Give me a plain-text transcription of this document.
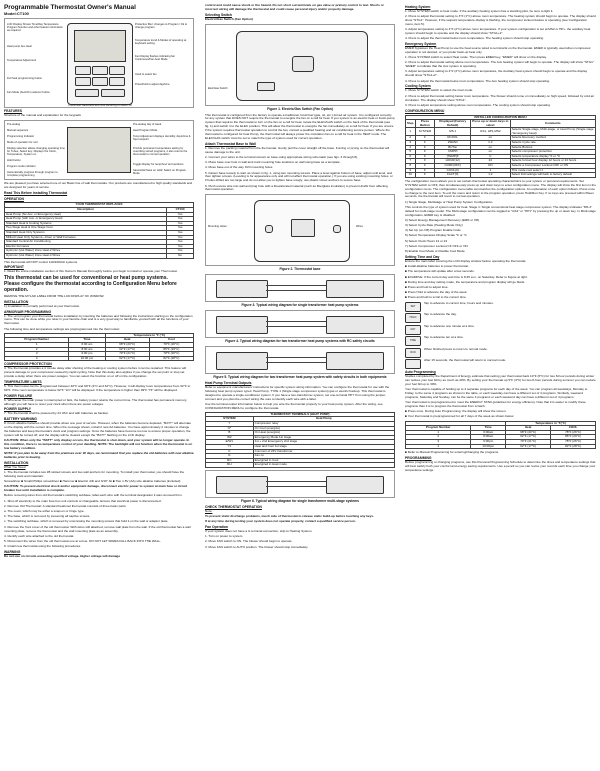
Programmable Thermostat Owner's Manual
Model:CT100
LCD Display Shows Time/Day Temperature Program Number and other feature information as required
Heat pump Aux Heat
Temperature Adjustment
Full heat programming button
Fan Mode (Auto/On) selector button
Protective filter: changes to Program / Ok to change program
Temperature trend & Modes of operating at keyboard setting
Fan Display flashes indicating fan Continuous/Fan Auto Mode
Used to select fan
Press/hold to adjust day/time
Press/hold Save/Hold and hold wintering to switch off
FEATURES

Structure of the manual and explanation for the keypads

Pre-analog
Manual sequence
Programming Indicator
Mode of operation for unit
Display selection allows changing operating time for Tubes; Select key: Displays the Clock, Temperature, System on
Hold button
Program mode indicator
Automatically progress through program to complete programming
Pre-analog day of week
Heat Program Mode
Temp Adjustment displays Humidity, days/time & Spot setpoint
Provide permanent temperature setting by overriding stored programs, it also returns the thermostat to normal operation
Toggle Display for temp/hour and up/down
Save/Hold Save on Hold; Select on Program Mode

We are pleased you have selected one of our Basic line of wall thermostats. Our products are manufactured to high quality standards and are designed for years of service.

Read This Before Installing Thermostat
OPERATION
YOUR THERMOSTAT REPLACES	
Description	CT100
Heat Pump (No Aux. or Emergency Heat)	Yes
Heat Pump (with Aux. or Emergency Heat)	Yes
Standard Heat & Cooling Systems	Yes
Two Stage Heat & One Stage Cool	Yes
Standard Heat Only Systems	Yes
Millivolt Heat Only Systems—Floor or Wall Furnaces	Yes
Standard Central Air Conditioning	Yes
Electric Furnaces	Yes
Hydronic (Hot Water) Zone Heat-2 Wires	Yes
Hydronic (Hot Water) Zone Heat-4 Wires	No

This thermostat will NOT control 110/220Volt systems.

IMPORTANT

1. Read the entire installation section of this Owner's Manual thoroughly before you begin to install or operate your Thermostat.

This thermostat can be used for conventional or heat pump systems.

Please configure the thermostat according to Configuration Menu before operation.

REMOVE THE MYLAR LABEL FROM THE LCD DISPLAY OF WINDOW.

INSTALLATION

1) Installation is normally performed at your thermostat.

ARMOR/AIR PROGRAMMING

1. The unit program your thermostat before installation by inserting the batteries and following the instructions starting on the configuration menu. This can be done while you relax in your favorite chair and is a very good way to familiarize yourself with all the functions of your thermostat.

The following time and temperature settings are preprogrammed into the thermostat:

		Temperature in °F (°C)	
Program Number	Time	Heat	Cool
1	6:00 am	68°F (20°C)	78°F (26°C)
2	8:00 am	62°F (17°C)	85°F (29°C)
3	6:00 pm	70°F (21°C)	78°F (26°C)
4	10:00 pm	62°F (17°C)	82°F (28°C)
COMPRESSOR PROTECTION

4. The thermostat provides a 4 minute delay after shutting of the heating or cooling system before it can be restarted. This feature will prevent damage to your compressor caused by rapid cycling. Note that this delay also applies if you change the set point or stop set provide a delay when there are power outages. You can select the function on or off on the configuration.

TEMPERATURE LIMITS

5. This thermostat can be programmed between 40°F and 90°F (4°C and 32°C). However, it will display room temperatures from 32°F to 99°F. If the room temperature is below 32°F "LO" will be displayed. If the temperature is higher than 99°F "HI" will be displayed.

POWER FAILURE

6. Whenever the main power is interrupted or fails, the battery power retains the current time. The thermostat has permanent memory, although you will have to reset your clock when there are power outages.

POWER SUPPLY

7. The thermostat shall be powered by 24 VAC and with batteries as backup.

BATTERY WARNING

8. Fresh alkaline batteries should provide about one year of service. However, when the batteries become depleted, "BATT" will alternate on the display with the current time. When the message shows, install 2 new AA batteries. You have approximately 2 minutes to change the batteries and keep thermostat's clock and program settings. Once the batteries have become too low to ensure proper operation, the system will be turned off, and the display will be cleared except the "BATT" flashing on the LCD display.

CAUTION: When only the "BATT" only display occurs, the thermostat is shut down, and your system will no longer operate. In this condition, there is no temperature control of your dwelling. NOTE: The backlight will not function when the thermostat is on low battery condition.

NOTE: If you plan to be away from the premises over 30 days, we recommend that you replace the old batteries with new alkaline batteries prior to leaving.

INSTALLATION

What You Need

1. The thermostat includes two #8 slotted screws and two wall anchors for mounting. To install your thermostat, you should have the following tools and materials:

Screwdriver ■ Small Phillips screwdriver ■ Hammer ■ Electric drill and 3/16" bit ■ Two 1.5V (AA) size alkaline batteries (included)

CAUTION: To prevent electrical shock and/or equipment damage, disconnect electric power to system at main fuse or circuit breaker box until installation is complete.

Before removing wires from old thermostat's switching subbase, label each wire with the terminal designation it was removed from.

1. Shut off electricity to the main fuse box unit controls or changeable. Ensure that electrical power is disconnected.

2. Remove Old Thermostat: A standard heat/cool thermostat consists of three basic parts:

a. The cover, which may be either a snap-on or hinge type.

b. The base, which is removed by loosening all captive screws.

c. The switching subbase, which is removed by unscrewing the mounting screws that hold it on the wall or adaptor plate.

3. Remove the front cover of the old thermostat. With wires still attached, remove wall plate from the wall. If the old thermostat has a wall mounting plate, remove the thermostat and the wall mounting plate as an assembly.

4. Identify each wire attached to the old thermostat.

5. Disconnect the wires from the old thermostat one at a time. DO NOT LET WIRES FALL BACK INTO THE WALL.

6. Install new thermostat using the following procedures.

WARNING

Do not use on circuits exceeding specified voltage. Higher voltage will damage

control and could cause shock or fire hazard. Do not short out terminals on gas valve or primary control to test. Shorts or incorrect wiring will damage the thermostat and could cause personal injury and/or property damage.

Selecting Switch

Electric/Gas Switch (Fan Option)

Elec/Gas Switch
Figure 1. Electric/Gas Switch (Fan Option)

This thermostat is configured from the factory to operate a traditional, fossil fuel (gas, oil, etc.) forced air system. It is configured correctly for any system that DOES NOT require the thermostat to energize the fan on a call for heat. If you system is an electric heat or fossil-pump system that requires the thermostat to turn on the fan on a call for heat, locate the ELEC/GAS switch on the back of the thermostat (see fig. 1) and switch it to the ELEC position. This will allow the thermostat to energize the fan immediately on a call for heat. If you are unsure if the system requires thermostat operation to control the fan, contact a qualified heating and air conditioning service person. Where the thermostat is configured for heat Pump, the thermostat will always power the circulation fan on a call for heat in the HEAT mode. The ELEC/GAS switch must be set to match the type of system used for correct operation.

Attach Thermostat Base to Wall

1. Remove the packing material from the thermostat. Gently pull the cover straight off the base. Forcing or prying on the thermostat will cause damage to the unit.

2. Connect your wires to the terminal screws on base using appropriate wiring schematic (see figs. 3 through 8).

3. Place base over hole in wall and mark mounting hole locations on wall using base as a template.

4. Move base out of the way. Drill mounting holes.

5. Fasten base loosely to wall, as shown in fig. 1, using two mounting screws. Place a level against bottom of base, adjust until level, and then tighten screws. (Leveling is for appearance only and will not affect thermostat operation.) If you are using existing mounting holes, or if holes drilled are too large and do not allow you to tighten base snugly, use plastic screw anchors to secure base.

6. Push excess wire into wall and plug hole with a firewall-rated material (such as fiberglass insulation) to prevent drafts from affecting thermostat operation.

Mounting Holes	Wires
Figure 2. Thermostat base
Figure 3. Typical wiring diagram for single transformer heat pump systems
Figure 4. Typical wiring diagram for two transformer heat pump systems with RC safety circuits
Figure 5. Typical wiring diagram for two transformer heat pump system with safety circuits in both equipments
Heat Pump Terminal Outputs

Refer to equipment manufacturers' instructions for specific system wiring information. You can configure the thermostat for use with the following heat pump system types: Heat Pump, TYPE 1 (Single stage compressor system) gas or electric backup. This thermostat is designed to operate a single-conditioner system. If you have a two-transformer system, set one-terminal HPY from using the jumper, connect and you plan the correct wiring. Be sure to identify each wire with a label.

Use the terminal output information below to help you wire the thermostat properly to your heat pump system. After the wiring, see CONFIGURATION MENU to configure the thermostat.

THERMOSTAT TERMINALS (HEAT PUMP)	
SYSTEM	Heat Pump
Y	Compressor relay
O*	On Cool (energize)
B	On Heat (energize)
W2	Emergency Mode 1st stage
E/W1	1st + 2nd Emergency 2nd stage
Y1	Heat and Cool 1st stage
C	Common of 24V transformer
G	Fan on
RC	Energized in Cool
RH	Energized in Heat mode
Figure 6. Typical wiring diagram for single transformer multi-stage systems
CHECK THERMOSTAT OPERATION

Note:

To prevent static discharge problems, touch side of thermostat to release static build-up before touching any keys.

If at any time during testing your system does not operate properly, contact a qualified service person.

Fan Operation

If your system does not have a G terminal connection, skip to Heating System.

1. Turn on power to system.

2. Move FAN switch to ON. The blower should begin to operate.

3. Move FAN switch to AUTO position. The blower should stop immediately.

Heating System

1. Move SYSTEM switch to heat mode. If the auxiliary heating system has a standing pilot, be sure to light it.

2. Press to adjust thermostat setting to 3°F (1°C) above room temperature. The heating system should begin to operate. The display should show "STG1". However, if the setpoint temperature display is flashing, the compressor lockout feature is operating (see Configuration menu, item 5).

3. Adjust temperature setting to 4°F (2°C) above room temperature. If your system configuration is set at MS2 or HP+, the auxiliary heat system should begin to operate and the display should show "STG1+2".

4. Press to adjust the thermostat below room temperature. The heating system should stop operating.

Emergency System

EMER bypasses the Heat Pump to use the heat source wired to terminal E on the thermostat. EMER is typically used when compressor operation is not desired, or you prefer back-up heat only.

1. Press SYSTEM switch to select Heat mode. Then press EMER key, "EMER" will show on the display.

2. Press to adjust thermostat setting above room temperature. The Aux heating system will begin to operate. The display will show "STG1" "EMER" to indicate that the Aux system is operating.

3. Adjust temperature setting to 4°F (2°C) above room temperature, the Auxiliary heat system should begin to operate and the display should show "STG1+2".

4. Press to adjust the thermostat below room temperature. The Aux heating system should stop operating.

Cooling System

1. Move SYSTEM switch to select the Cool mode.

2. Press to adjust thermostat setting below room temperature. The blower should come on immediately on high speed, followed by cold air circulation. The display should show "STG1".

3. Press to adjust temperature setting above room temperature. The cooling system should stop operating.

CONFIGURATION MENU
INSTALLER CONFIGURATION MENU				
Step	Press Button	Displayed (Factory Default)	Press up or down keys to select	Comments
1	SYSTEM	MS 1	GS1, HP1,MS2	Selects Single stage, Multi-stage, or Heat Pump (Single stage / Emergency Heat)
2	F	RCOOL	on	Selects Recovery method
3	F	2SRAD	1-3	Selects Cycle rate
4	F	BUTon	on	Selects Buttons
5	F	CMPPt	on	Selects compressor protection
6	F	[TEMP]F	C	Selects temperature display °F or °C
7	F	HOUR(12)	24	Selects format hour display 12 hours or 24 hours
8	F	CORF(OFF)	ON	Selects a Compressor Lockout OFF or ON
9	F	COOL(0)	1	This mode cool select 1
10	F	FACT(0)	1,2	Select Full settings will back to factory default

The configuration menu allows you to set certain thermostat operating characteristics to your system or personal requirements. Set SYSTEM switch to OFF, then simultaneously press up and down keys to enter configuration menu. The display will show the first item in the configuration menu. The configuration menu table summarizes the configuration options. An explanation of each option follows. Press once to change to the next item. To exit the menu and return to the program operation, press Hold/Run Key. If no keys are pressed within fifteen seconds, the thermostat will revert to normal operation.

1) Single Stage, Multistage or Heat Pump System Configuration.

This controls the type of system used for heat. Stage 1: Single conventional heat stage compressor system. The display indicates "MS 2" default for multi-stage model. The Multi-stage configuration can be toggled to "GS1" or "HP1" by pressing the up or down key. In Multi-stage configuration, EMER key is disabled.

2) Select Energy Management Recovery (EMR or Off)

3) Select Cycle Rate (Heating Mode Only)

4) Set Up (on Off) Program Enable Code

5) Select Temperature Display Scale °F or °C

6) Select Clock Hours 12 or 24

7) Select Compressor Lockout CF OFF or ON

8) Enable Cool Mode or Disable Cool Mode

Setting Time and Day

Ensure the main label covering the LCD display window before operating the thermostat.

■ Install alkaline batteries to power thermostat.

■ The temperature will update after a few seconds.

■ EXAMPLE: If the current day and time is 8:45 a.m. on Saturday. Refer to Figure at right.

■ During time and day setting mode, the temperature and program display will go blank.

■ Press and hold to adjust time.

■ Press Hold to advance the day of the week.

■ Press and hold to scroll to the current time.

SET
Tap to advance to current time, hours and minutes.
HOLD
Tap to advance the day.
DAY
Tap to advance one minute at a time.
TIME
Tap to advance ten at a time.
RUN
When finished press to return to normal mode.
After 15 seconds, the thermostat will return to normal mode.
Auto Programming

Studies completed by the Department of Energy estimate that setting your thermostat back 10°F (6°C) for two 8-hour periods during winter can reduce your fuel bill by as much as 20%. By setting your thermostat up 5°F (3°C) for two 8-hour periods during summer you can reduce your fuel bill up to 30%.

Your thermostat is capable of holding up to 4 separate programs for each day of the week. You can program all weekdays, Monday to Friday, to the same 4 programs as shown in the table, or each weekday can have a different set of 4 programs. Similarly, weekend programs, Saturday and Sunday, can be the same 4 programs or each weekend day can have a different set of 4 programs.

Your thermostat is preprogrammed to meet the ENERGY STAR guidelines for energy efficiency. Note that it is easier to modify these programs than it is to program the thermostat from scratch.

■ Press once. During Auto Programming, the display will show the screen.

■ Your thermostat is preprogrammed for all 7 days of the week as shown below.

		Temperature in °F(°C)	
Program Number	Time	Heat	COOL
1	6:00am	68°F (20°C)	78°F (26°C)
2	8:00am	62°F (17°C)	85°F (29°C)
3	6:00pm	70°F (21°C)	78°F (26°C)
4	10:00pm	62°F (17°C)	82°F (28°C)

■ Refer to Manual Programming for entering/changing the programs.

PROGRAMMING

Before programming or changing programs, use this Personal Programming Schedule to determine the times and temperature settings that will best satisfy both your comfort and energy saving requirements. Use a pencil so you can revise your records each time you change your temperature settings.
